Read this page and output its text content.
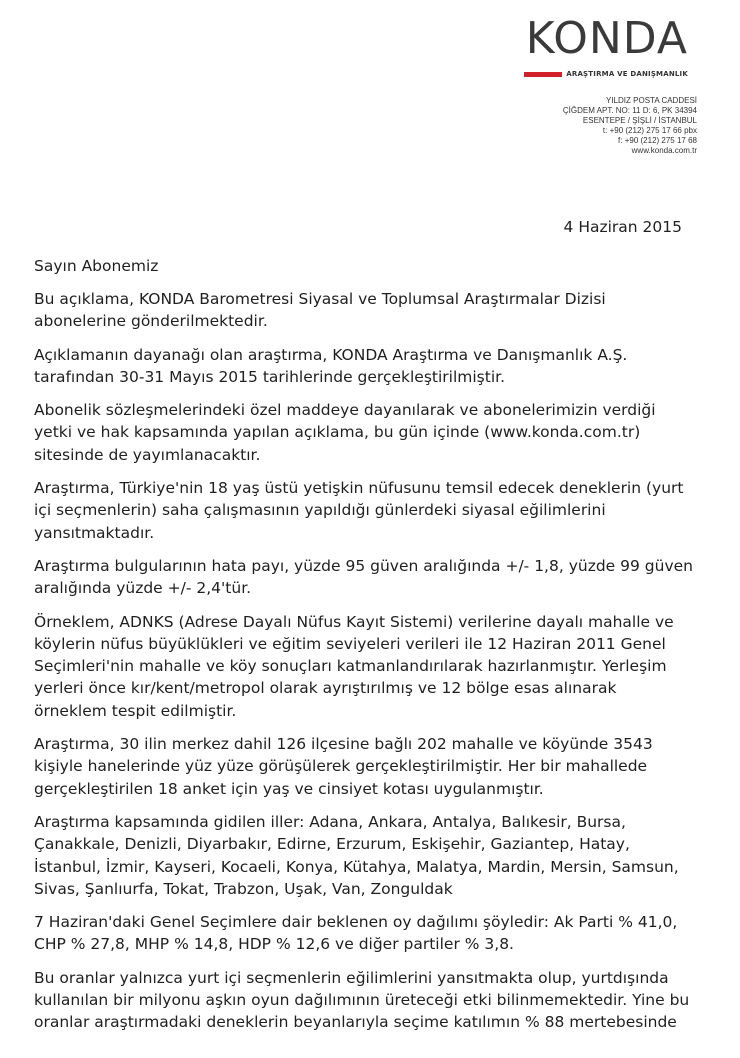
KONDA
ARAŞTIRMA VE DANIŞMANLIK
YILDIZ POSTA CADDESİ
ÇİĞDEM APT. NO: 11 D: 6, PK 34394
ESENTEPE / ŞİŞLİ / İSTANBUL
t: +90 (212) 275 17 66 pbx
f: +90 (212) 275 17 68
www.konda.com.tr
4 Haziran 2015

Sayın Abonemiz

Bu açıklama, KONDA Barometresi Siyasal ve Toplumsal Araştırmalar Dizisi abonelerine gönderilmektedir.

Açıklamanın dayanağı olan araştırma, KONDA Araştırma ve Danışmanlık A.Ş. tarafından 30-31 Mayıs 2015 tarihlerinde gerçekleştirilmiştir.

Abonelik sözleşmelerindeki özel maddeye dayanılarak ve abonelerimizin verdiği yetki ve hak kapsamında yapılan açıklama, bu gün içinde (www.konda.com.tr) sitesinde de yayımlanacaktır.

Araştırma, Türkiye'nin 18 yaş üstü yetişkin nüfusunu temsil edecek deneklerin (yurt içi seçmenlerin) saha çalışmasının yapıldığı günlerdeki siyasal eğilimlerini yansıtmaktadır.

Araştırma bulgularının hata payı, yüzde 95 güven aralığında +/- 1,8, yüzde 99 güven aralığında yüzde +/- 2,4'tür.

Örneklem, ADNKS (Adrese Dayalı Nüfus Kayıt Sistemi) verilerine dayalı mahalle ve köylerin nüfus büyüklükleri ve eğitim seviyeleri verileri ile 12 Haziran 2011 Genel Seçimleri'nin mahalle ve köy sonuçları katmanlandırılarak hazırlanmıştır. Yerleşim yerleri önce kır/kent/metropol olarak ayrıştırılmış ve 12 bölge esas alınarak örneklem tespit edilmiştir.

Araştırma, 30 ilin merkez dahil 126 ilçesine bağlı 202 mahalle ve köyünde 3543 kişiyle hanelerinde yüz yüze görüşülerek gerçekleştirilmiştir. Her bir mahallede gerçekleştirilen 18 anket için yaş ve cinsiyet kotası uygulanmıştır.

Araştırma kapsamında gidilen iller: Adana, Ankara, Antalya, Balıkesir, Bursa, Çanakkale, Denizli, Diyarbakır, Edirne, Erzurum, Eskişehir, Gaziantep, Hatay, İstanbul, İzmir, Kayseri, Kocaeli, Konya, Kütahya, Malatya, Mardin, Mersin, Samsun, Sivas, Şanlıurfa, Tokat, Trabzon, Uşak, Van, Zonguldak

7 Haziran'daki Genel Seçimlere dair beklenen oy dağılımı şöyledir: Ak Parti % 41,0, CHP % 27,8, MHP % 14,8, HDP % 12,6 ve diğer partiler % 3,8.

Bu oranlar yalnızca yurt içi seçmenlerin eğilimlerini yansıtmakta olup, yurtdışında kullanılan bir milyonu aşkın oyun dağılımının üreteceği etki bilinmemektedir. Yine bu oranlar araştırmadaki deneklerin beyanlarıyla seçime katılımın % 88 mertebesinde
